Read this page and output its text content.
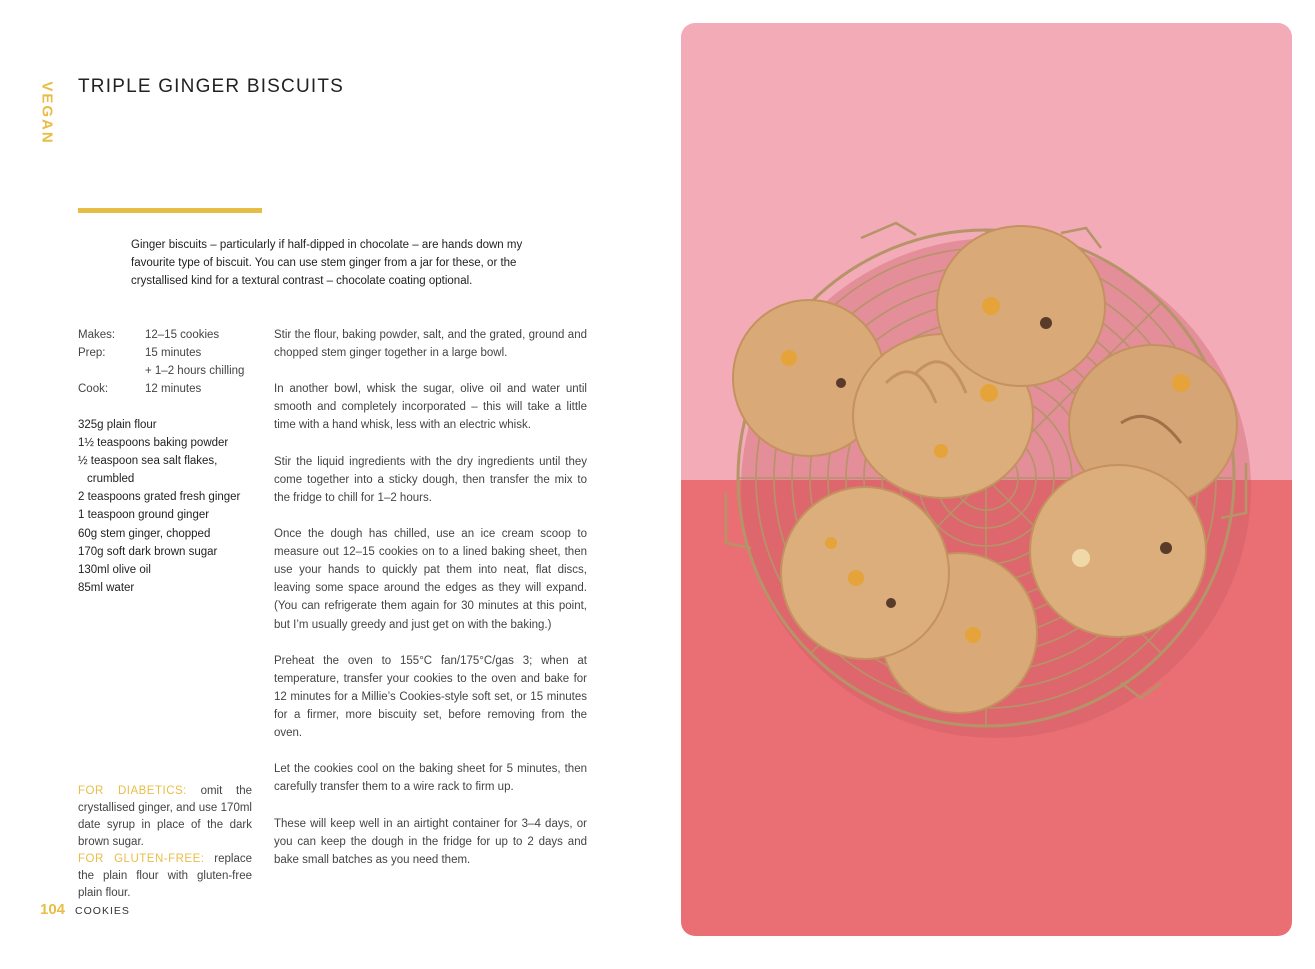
VEGAN TRIPLE GINGER BISCUITS

Ginger biscuits – particularly if half-dipped in chocolate – are hands down my favourite type of biscuit. You can use stem ginger from a jar for these, or the crystallised kind for a textural contrast – chocolate coating optional.

Makes:	12–15 cookies
Prep:	15 minutes
+ 1–2 hours chilling
Cook:	12 minutes
325g plain flour
1½ teaspoons baking powder
½ teaspoon sea salt flakes, crumbled
2 teaspoons grated fresh ginger
1 teaspoon ground ginger
60g stem ginger, chopped
170g soft dark brown sugar
130ml olive oil
85ml water

Stir the flour, baking powder, salt, and the grated, ground and chopped stem ginger together in a large bowl.

In another bowl, whisk the sugar, olive oil and water until smooth and completely incorporated – this will take a little time with a hand whisk, less with an electric whisk.

Stir the liquid ingredients with the dry ingredients until they come together into a sticky dough, then transfer the mix to the fridge to chill for 1–2 hours.

Once the dough has chilled, use an ice cream scoop to measure out 12–15 cookies on to a lined baking sheet, then use your hands to quickly pat them into neat, flat discs, leaving some space around the edges as they will expand. (You can refrigerate them again for 30 minutes at this point, but I’m usually greedy and just get on with the baking.)

Preheat the oven to 155°C fan/175°C/gas 3; when at temperature, transfer your cookies to the oven and bake for 12 minutes for a Millie’s Cookies-style soft set, or 15 minutes for a firmer, more biscuity set, before removing from the oven.

Let the cookies cool on the baking sheet for 5 minutes, then carefully transfer them to a wire rack to firm up.

These will keep well in an airtight container for 3–4 days, or you can keep the dough in the fridge for up to 2 days and bake small batches as you need them.

FOR DIABETICS: omit the crystallised ginger, and use 170ml date syrup in place of the dark brown sugar.

FOR GLUTEN-FREE: replace the plain flour with gluten-free plain flour.

104 COOKIES
